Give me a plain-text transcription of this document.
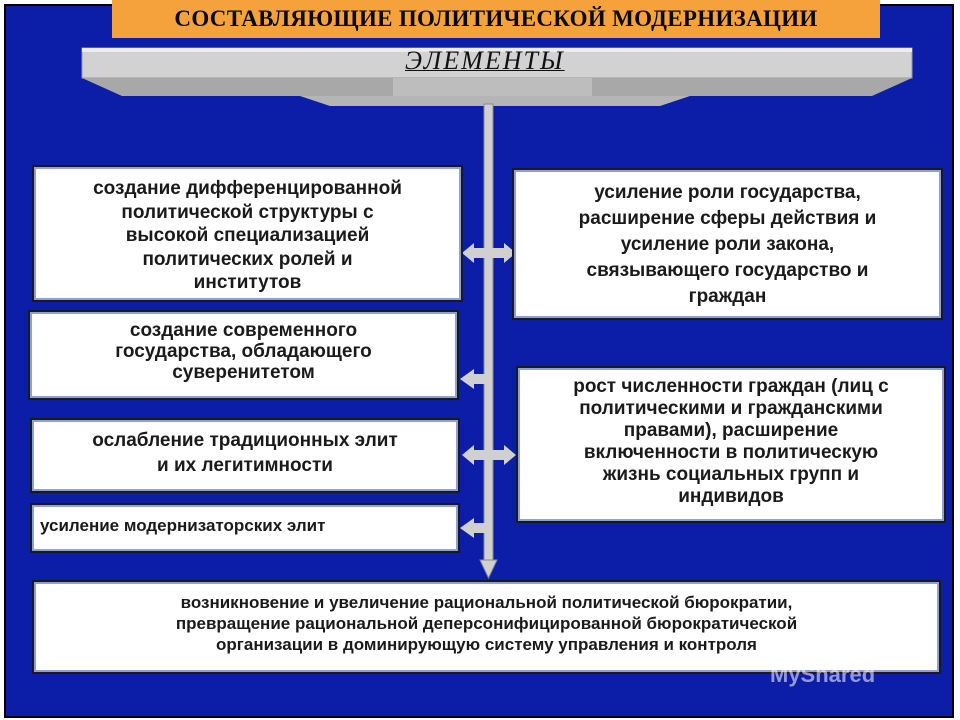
СОСТАВЛЯЮЩИЕ ПОЛИТИЧЕСКОЙ МОДЕРНИЗАЦИИ
ЭЛЕМЕНТЫ
создание дифференцированной
политической структуры с
высокой специализацией
политических ролей и
институтов
усиление роли государства,
расширение сферы действия и
усиление роли закона,
связывающего государство и
граждан
создание современного
государства, обладающего
суверенитетом
рост численности граждан (лиц с
политическими и гражданскими
правами), расширение
включенности в политическую
жизнь социальных групп и
индивидов
ослабление традиционных элит
и их легитимности
усиление модернизаторских элит
возникновение и увеличение рациональной политической бюрократии,
превращение рациональной деперсонифицированной бюрократической
организации в доминирующую систему управления и контроля
MyShared
